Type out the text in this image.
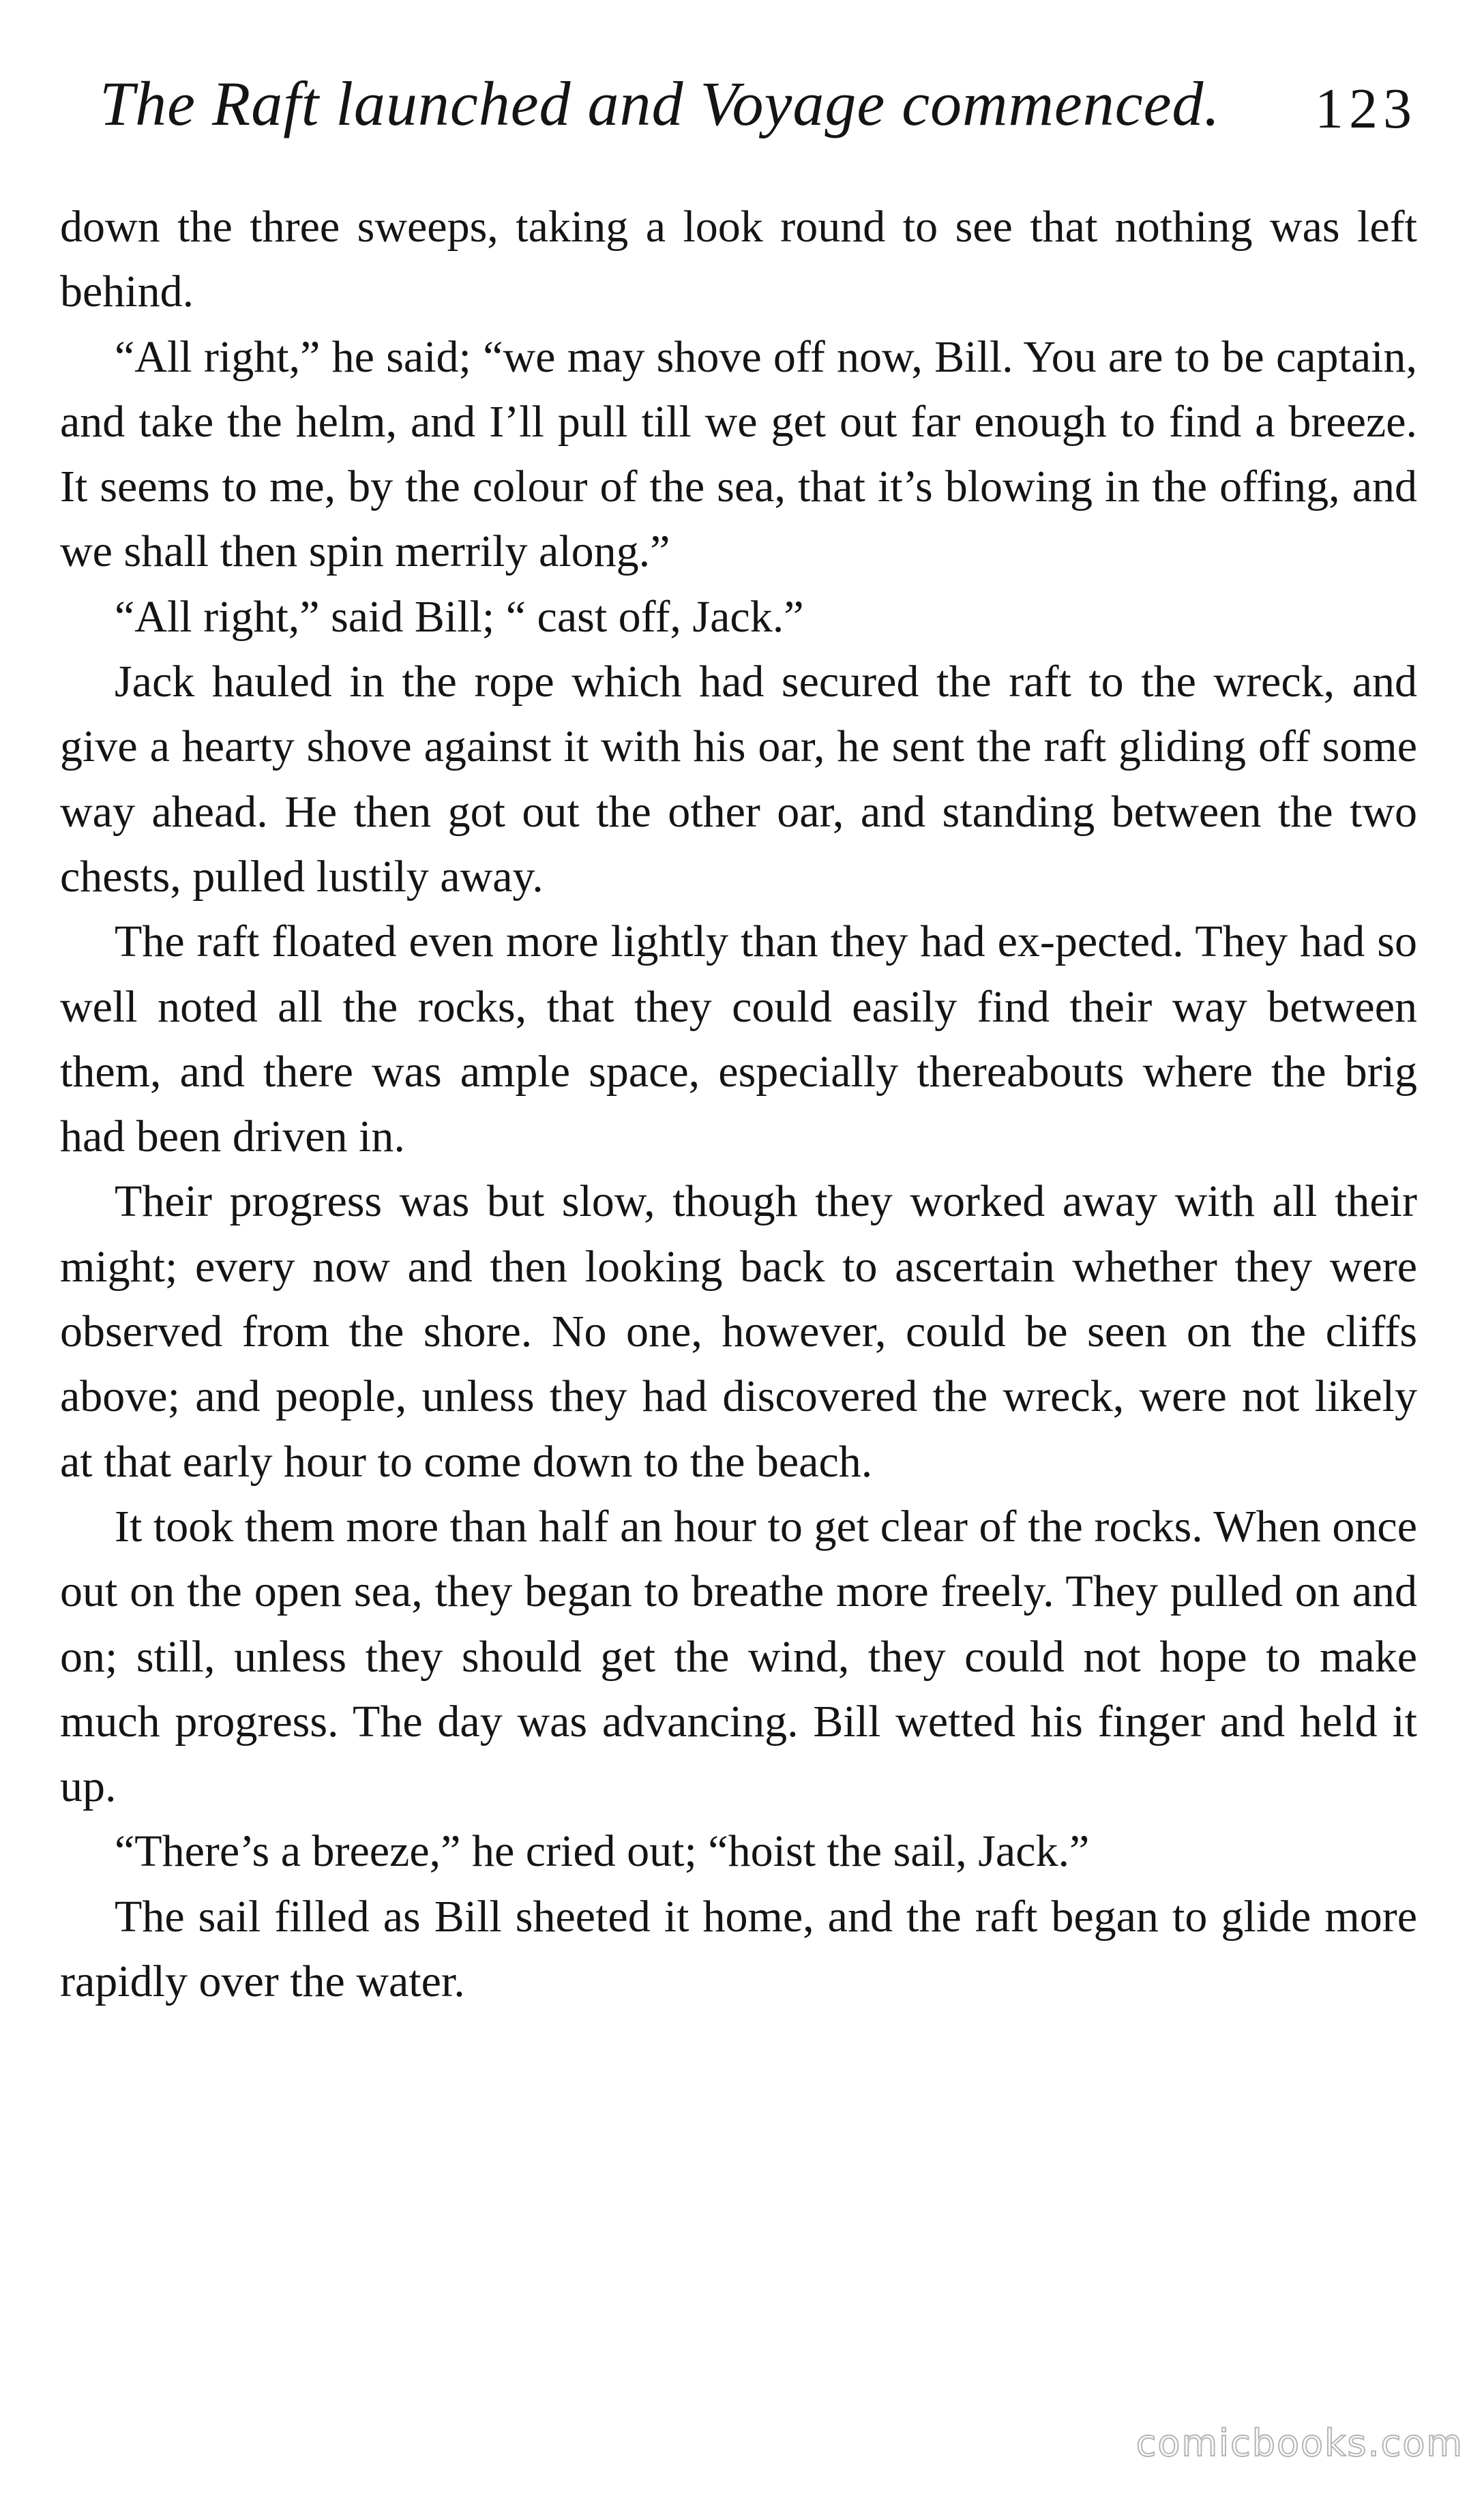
The Raft launched and Voyage commenced. 123

down the three sweeps, taking a look round to see that nothing was left behind.

“All right,” he said; “we may shove off now, Bill. You are to be captain, and take the helm, and I’ll pull till we get out far enough to find a breeze. It seems to me, by the colour of the sea, that it’s blowing in the offing, and we shall then spin merrily along.”

“All right,” said Bill; “ cast off, Jack.”

Jack hauled in the rope which had secured the raft to the wreck, and give a hearty shove against it with his oar, he sent the raft gliding off some way ahead. He then got out the other oar, and standing between the two chests, pulled lustily away.

The raft floated even more lightly than they had ex-pected. They had so well noted all the rocks, that they could easily find their way between them, and there was ample space, especially thereabouts where the brig had been driven in.

Their progress was but slow, though they worked away with all their might; every now and then looking back to ascertain whether they were observed from the shore. No one, however, could be seen on the cliffs above; and people, unless they had discovered the wreck, were not likely at that early hour to come down to the beach.

It took them more than half an hour to get clear of the rocks. When once out on the open sea, they began to breathe more freely. They pulled on and on; still, unless they should get the wind, they could not hope to make much progress. The day was advancing. Bill wetted his finger and held it up.

“There’s a breeze,” he cried out; “hoist the sail, Jack.”

The sail filled as Bill sheeted it home, and the raft began to glide more rapidly over the water.

comicbooks.com
